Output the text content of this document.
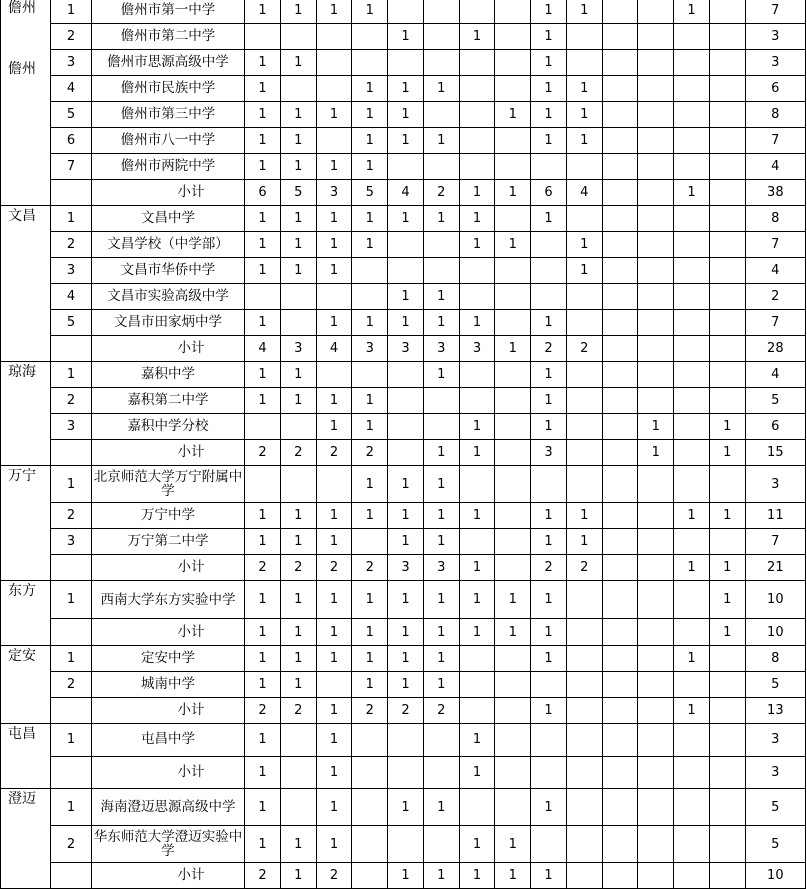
儋州
儋州	1	儋州市第一中学	1	1	1	1					1	1			1		7
	2	儋州市第二中学					1		1		1						3
	3	儋州市思源高级中学	1	1							1						3
	4	儋州市民族中学	1			1	1	1			1	1					6
	5	儋州市第三中学	1	1	1	1	1			1	1	1					8
	6	儋州市八一中学	1	1		1	1	1			1	1					7
	7	儋州市两院中学	1	1	1	1											4
		小计	6	5	3	5	4	2	1	1	6	4			1		38

文昌	1	文昌中学	1	1	1	1	1	1	1		1						8
	2	文昌学校（中学部）	1	1	1	1			1	1		1					7
	3	文昌市华侨中学	1	1	1							1					4
	4	文昌市实验高级中学					1	1									2
	5	文昌市田家炳中学	1		1	1	1	1	1		1						7
		小计	4	3	4	3	3	3	3	1	2	2					28

琼海	1	嘉积中学	1	1				1			1						4
	2	嘉积第二中学	1	1	1	1					1						5
	3	嘉积中学分校			1	1			1		1			1		1	6
		小计	2	2	2	2		1	1		3			1		1	15

万宁	1	北京师范大学万宁附属中学				1	1	1									3
	2	万宁中学	1	1	1	1	1	1	1		1	1			1	1	11
	3	万宁第二中学	1	1	1		1	1			1	1					7
		小计	2	2	2	2	3	3	1		2	2			1	1	21

东方	1	西南大学东方实验中学	1	1	1	1	1	1	1	1	1					1	10
		小计	1	1	1	1	1	1	1	1	1					1	10

定安	1	定安中学	1	1	1	1	1	1			1				1		8
	2	城南中学	1	1		1	1	1									5
		小计	2	2	1	2	2	2			1				1		13

屯昌	1	屯昌中学	1		1				1								3
		小计	1		1				1								3

澄迈	1	海南澄迈思源高级中学	1		1		1	1			1						5
	2	华东师范大学澄迈实验中学	1	1	1				1	1							5
		小计	2	1	2		1	1	1	1	1						10
